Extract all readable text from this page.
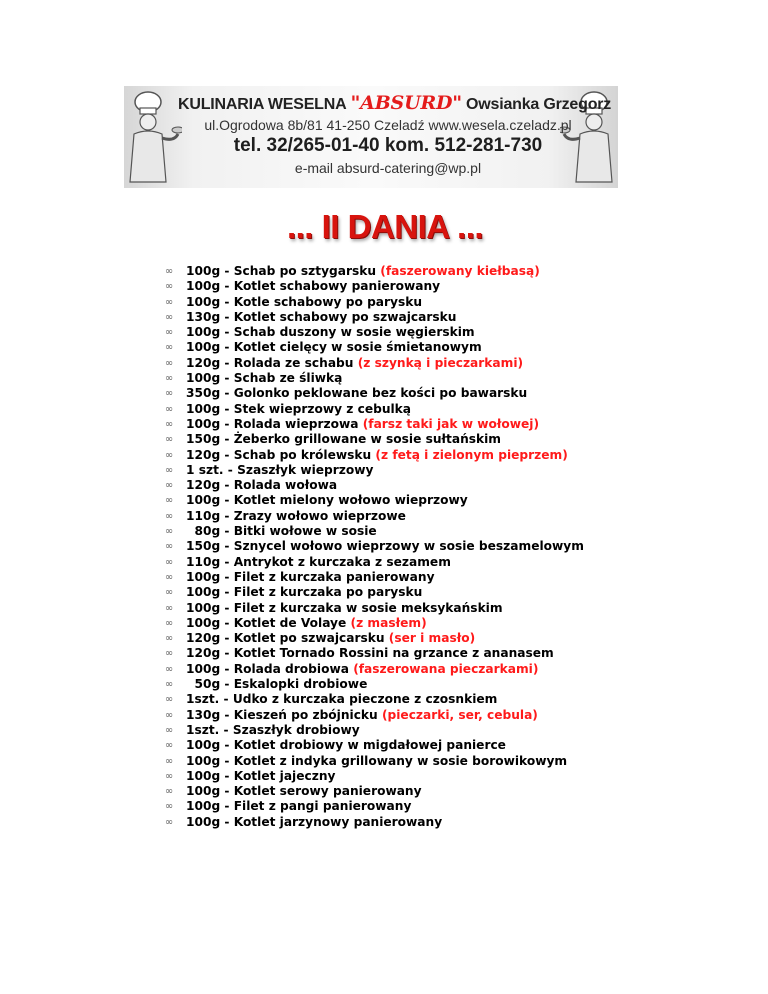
KULINARIA WESELNA "ABSURD" Owsianka Grzegorz
ul.Ogrodowa 8b/81 41-250 Czeladź www.wesela.czeladz.pl
tel. 32/265-01-40 kom. 512-281-730
e-mail absurd-catering@wp.pl
... II DANIA ...
∞ 100g - Schab po sztygarsku (faszerowany kiełbasą)
∞ 100g - Kotlet schabowy panierowany
∞ 100g - Kotle schabowy po parysku
∞ 130g - Kotlet schabowy po szwajcarsku
∞ 100g - Schab duszony w sosie węgierskim
∞ 100g - Kotlet cielęcy w sosie śmietanowym
∞ 120g - Rolada ze schabu (z szynką i pieczarkami)
∞ 100g - Schab ze śliwką
∞ 350g - Golonko peklowane bez kości po bawarsku
∞ 100g - Stek wieprzowy z cebulką
∞ 100g - Rolada wieprzowa (farsz taki jak w wołowej)
∞ 150g - Żeberko grillowane w sosie sułtańskim
∞ 120g - Schab po królewsku (z fetą i zielonym pieprzem)
∞ 1 szt. - Szaszłyk wieprzowy
∞ 120g - Rolada wołowa
∞ 100g - Kotlet mielony wołowo wieprzowy
∞ 110g - Zrazy wołowo wieprzowe
∞ 80g - Bitki wołowe w sosie
∞ 150g - Sznycel wołowo wieprzowy w sosie beszamelowym
∞ 110g - Antrykot z kurczaka z sezamem
∞ 100g - Filet z kurczaka panierowany
∞ 100g - Filet z kurczaka po parysku
∞ 100g - Filet z kurczaka w sosie meksykańskim
∞ 100g - Kotlet de Volaye (z masłem)
∞ 120g - Kotlet po szwajcarsku (ser i masło)
∞ 120g - Kotlet Tornado Rossini na grzance z ananasem
∞ 100g - Rolada drobiowa (faszerowana pieczarkami)
∞ 50g - Eskalopki drobiowe
∞ 1szt. - Udko z kurczaka pieczone z czosnkiem
∞ 130g - Kieszeń po zbójnicku (pieczarki, ser, cebula)
∞ 1szt. - Szaszłyk drobiowy
∞ 100g - Kotlet drobiowy w migdałowej panierce
∞ 100g - Kotlet z indyka grillowany w sosie borowikowym
∞ 100g - Kotlet jajeczny
∞ 100g - Kotlet serowy panierowany
∞ 100g - Filet z pangi panierowany
∞ 100g - Kotlet jarzynowy panierowany
